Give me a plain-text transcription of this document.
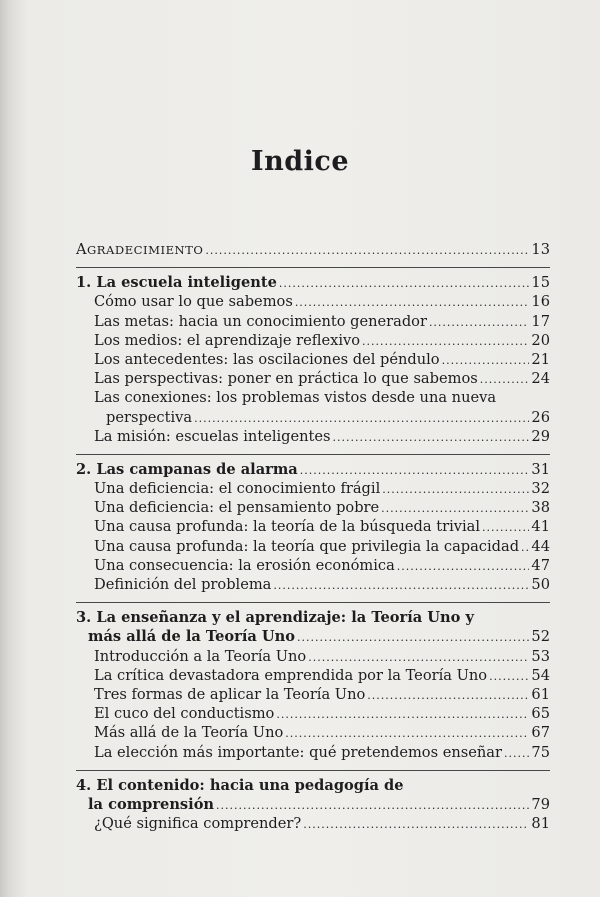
Indice
AGRADECIMIENTO .....	13
1. La escuela inteligente .....	15
Cómo usar lo que sabemos .....	16
Las metas: hacia un conocimiento generador .....	17
Los medios: el aprendizaje reflexivo .....	20
Los antecedentes: las oscilaciones del péndulo .....	21
Las perspectivas: poner en práctica lo que sabemos .....	24
Las conexiones: los problemas vistos desde una nueva
perspectiva .....	26
La misión: escuelas inteligentes .....	29
2. Las campanas de alarma .....	31
Una deficiencia: el conocimiento frágil .....	32
Una deficiencia: el pensamiento pobre .....	38
Una causa profunda: la teoría de la búsqueda trivial .....	41
Una causa profunda: la teoría que privilegia la capacidad ..... 44
Una consecuencia: la erosión económica .....	47
Definición del problema .....	50
3. La enseñanza y el aprendizaje: la Teoría Uno y
más allá de la Teoría Uno .....	52
Introducción a la Teoría Uno .....	53
La crítica devastadora emprendida por la Teoría Uno .....	54
Tres formas de aplicar la Teoría Uno .....	61
El cuco del conductismo .....	65
Más allá de la Teoría Uno .....	67
La elección más importante: qué pretendemos enseñar ..... 75
4. El contenido: hacia una pedagogía de
la comprensión .....	79
¿Qué significa comprender? .....	81
